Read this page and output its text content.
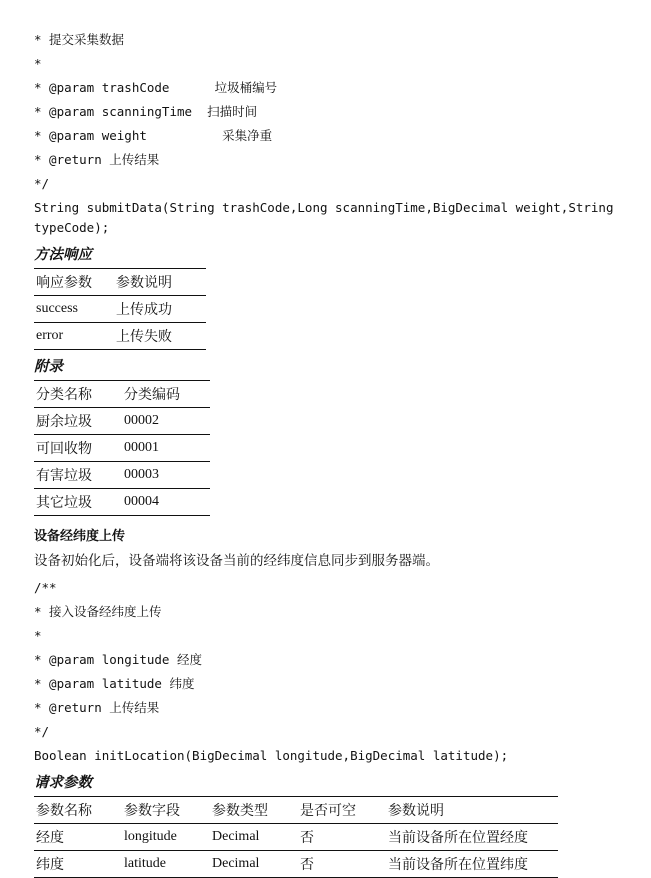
* 提交采集数据
*
* @param trashCode      垃圾桶编号
* @param scanningTime  扫描时间
* @param weight          采集净重
* @return 上传结果
*/
String submitData(String trashCode,Long scanningTime,BigDecimal weight,String typeCode);
方法响应
响应参数	参数说明
success	上传成功
error	上传失败
附录
分类名称	分类编码
厨余垃圾	00002
可回收物	00001
有害垃圾	00003
其它垃圾	00004
设备经纬度上传
设备初始化后，设备端将该设备当前的经纬度信息同步到服务器端。
/**
* 接入设备经纬度上传
*
* @param longitude 经度
* @param latitude 纬度
* @return 上传结果
*/
Boolean initLocation(BigDecimal longitude,BigDecimal latitude);
请求参数
参数名称	参数字段	参数类型	是否可空	参数说明
经度	longitude	Decimal	否	当前设备所在位置经度
纬度	latitude	Decimal	否	当前设备所在位置纬度
